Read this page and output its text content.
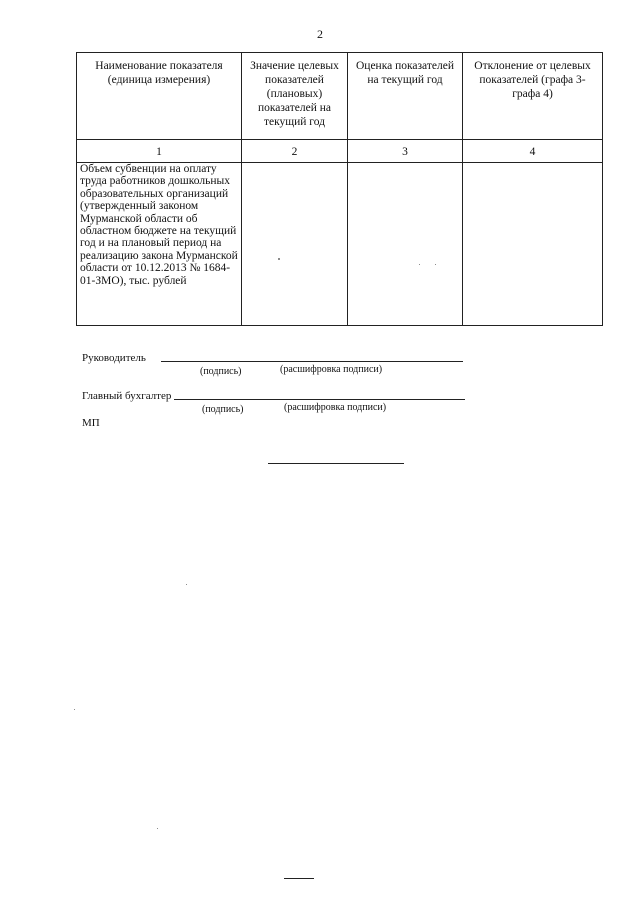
2
Наименование показателя (единица измерения)	Значение целевых показателей (плановых) показателей на текущий год	Оценка показателей на текущий год	Отклонение от целевых показателей (графа 3- графа 4)
1	2	3	4
Объем субвенции на оплату труда работников дошкольных образовательных организаций (утвержденный законом Мурманской области об областном бюджете на текущий год и на плановый период на реализацию закона Мурманской области от 10.12.2013 № 1684-01-ЗМО), тыс. рублей			
Руководитель
(подпись)	(расшифровка подписи)
Главный бухгалтер
(подпись)	(расшифровка подписи)
МП
